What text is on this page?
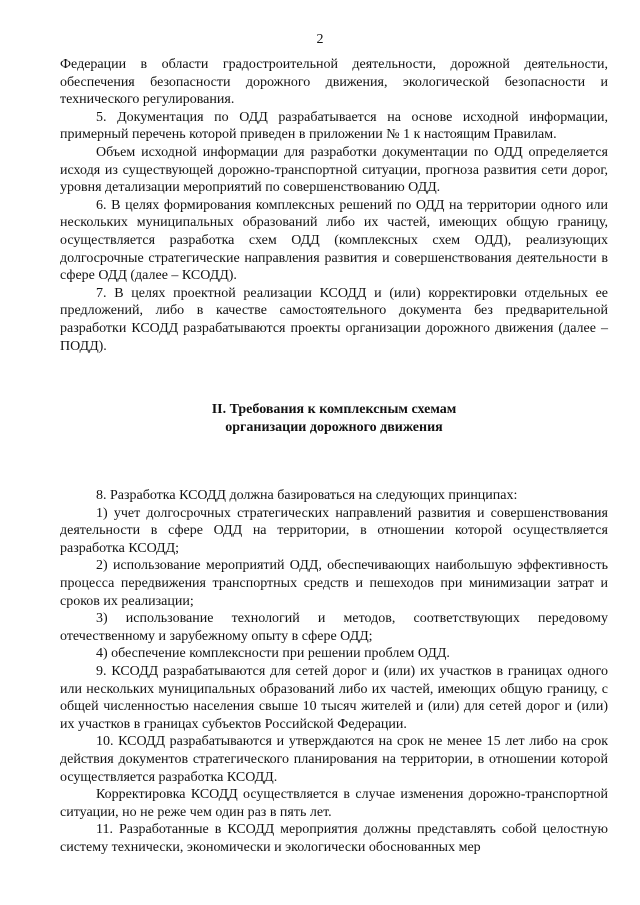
2

Федерации в области градостроительной деятельности, дорожной деятельности, обеспечения безопасности дорожного движения, экологической безопасности и технического регулирования.

5. Документация по ОДД разрабатывается на основе исходной информации, примерный перечень которой приведен в приложении № 1 к настоящим Правилам.

Объем исходной информации для разработки документации по ОДД определяется исходя из существующей дорожно-транспортной ситуации, прогноза развития сети дорог, уровня детализации мероприятий по совершенствованию ОДД.

6. В целях формирования комплексных решений по ОДД на территории одного или нескольких муниципальных образований либо их частей, имеющих общую границу, осуществляется разработка схем ОДД (комплексных схем ОДД), реализующих долгосрочные стратегические направления развития и совершенствования деятельности в сфере ОДД (далее – КСОДД).

7. В целях проектной реализации КСОДД и (или) корректировки отдельных ее предложений, либо в качестве самостоятельного документа без предварительной разработки КСОДД разрабатываются проекты организации дорожного движения (далее – ПОДД).

II. Требования к комплексным схемам
организации дорожного движения

8. Разработка КСОДД должна базироваться на следующих принципах:

1) учет долгосрочных стратегических направлений развития и совершенствования деятельности в сфере ОДД на территории, в отношении которой осуществляется разработка КСОДД;

2) использование мероприятий ОДД, обеспечивающих наибольшую эффективность процесса передвижения транспортных средств и пешеходов при минимизации затрат и сроков их реализации;

3) использование технологий и методов, соответствующих передовому отечественному и зарубежному опыту в сфере ОДД;

4) обеспечение комплексности при решении проблем ОДД.

9. КСОДД разрабатываются для сетей дорог и (или) их участков в границах одного или нескольких муниципальных образований либо их частей, имеющих общую границу, с общей численностью населения свыше 10 тысяч жителей и (или) для сетей дорог и (или) их участков в границах субъектов Российской Федерации.

10. КСОДД разрабатываются и утверждаются на срок не менее 15 лет либо на срок действия документов стратегического планирования на территории, в отношении которой осуществляется разработка КСОДД.

Корректировка КСОДД осуществляется в случае изменения дорожно-транспортной ситуации, но не реже чем один раз в пять лет.

11. Разработанные в КСОДД мероприятия должны представлять собой целостную систему технически, экономически и экологически обоснованных мер
